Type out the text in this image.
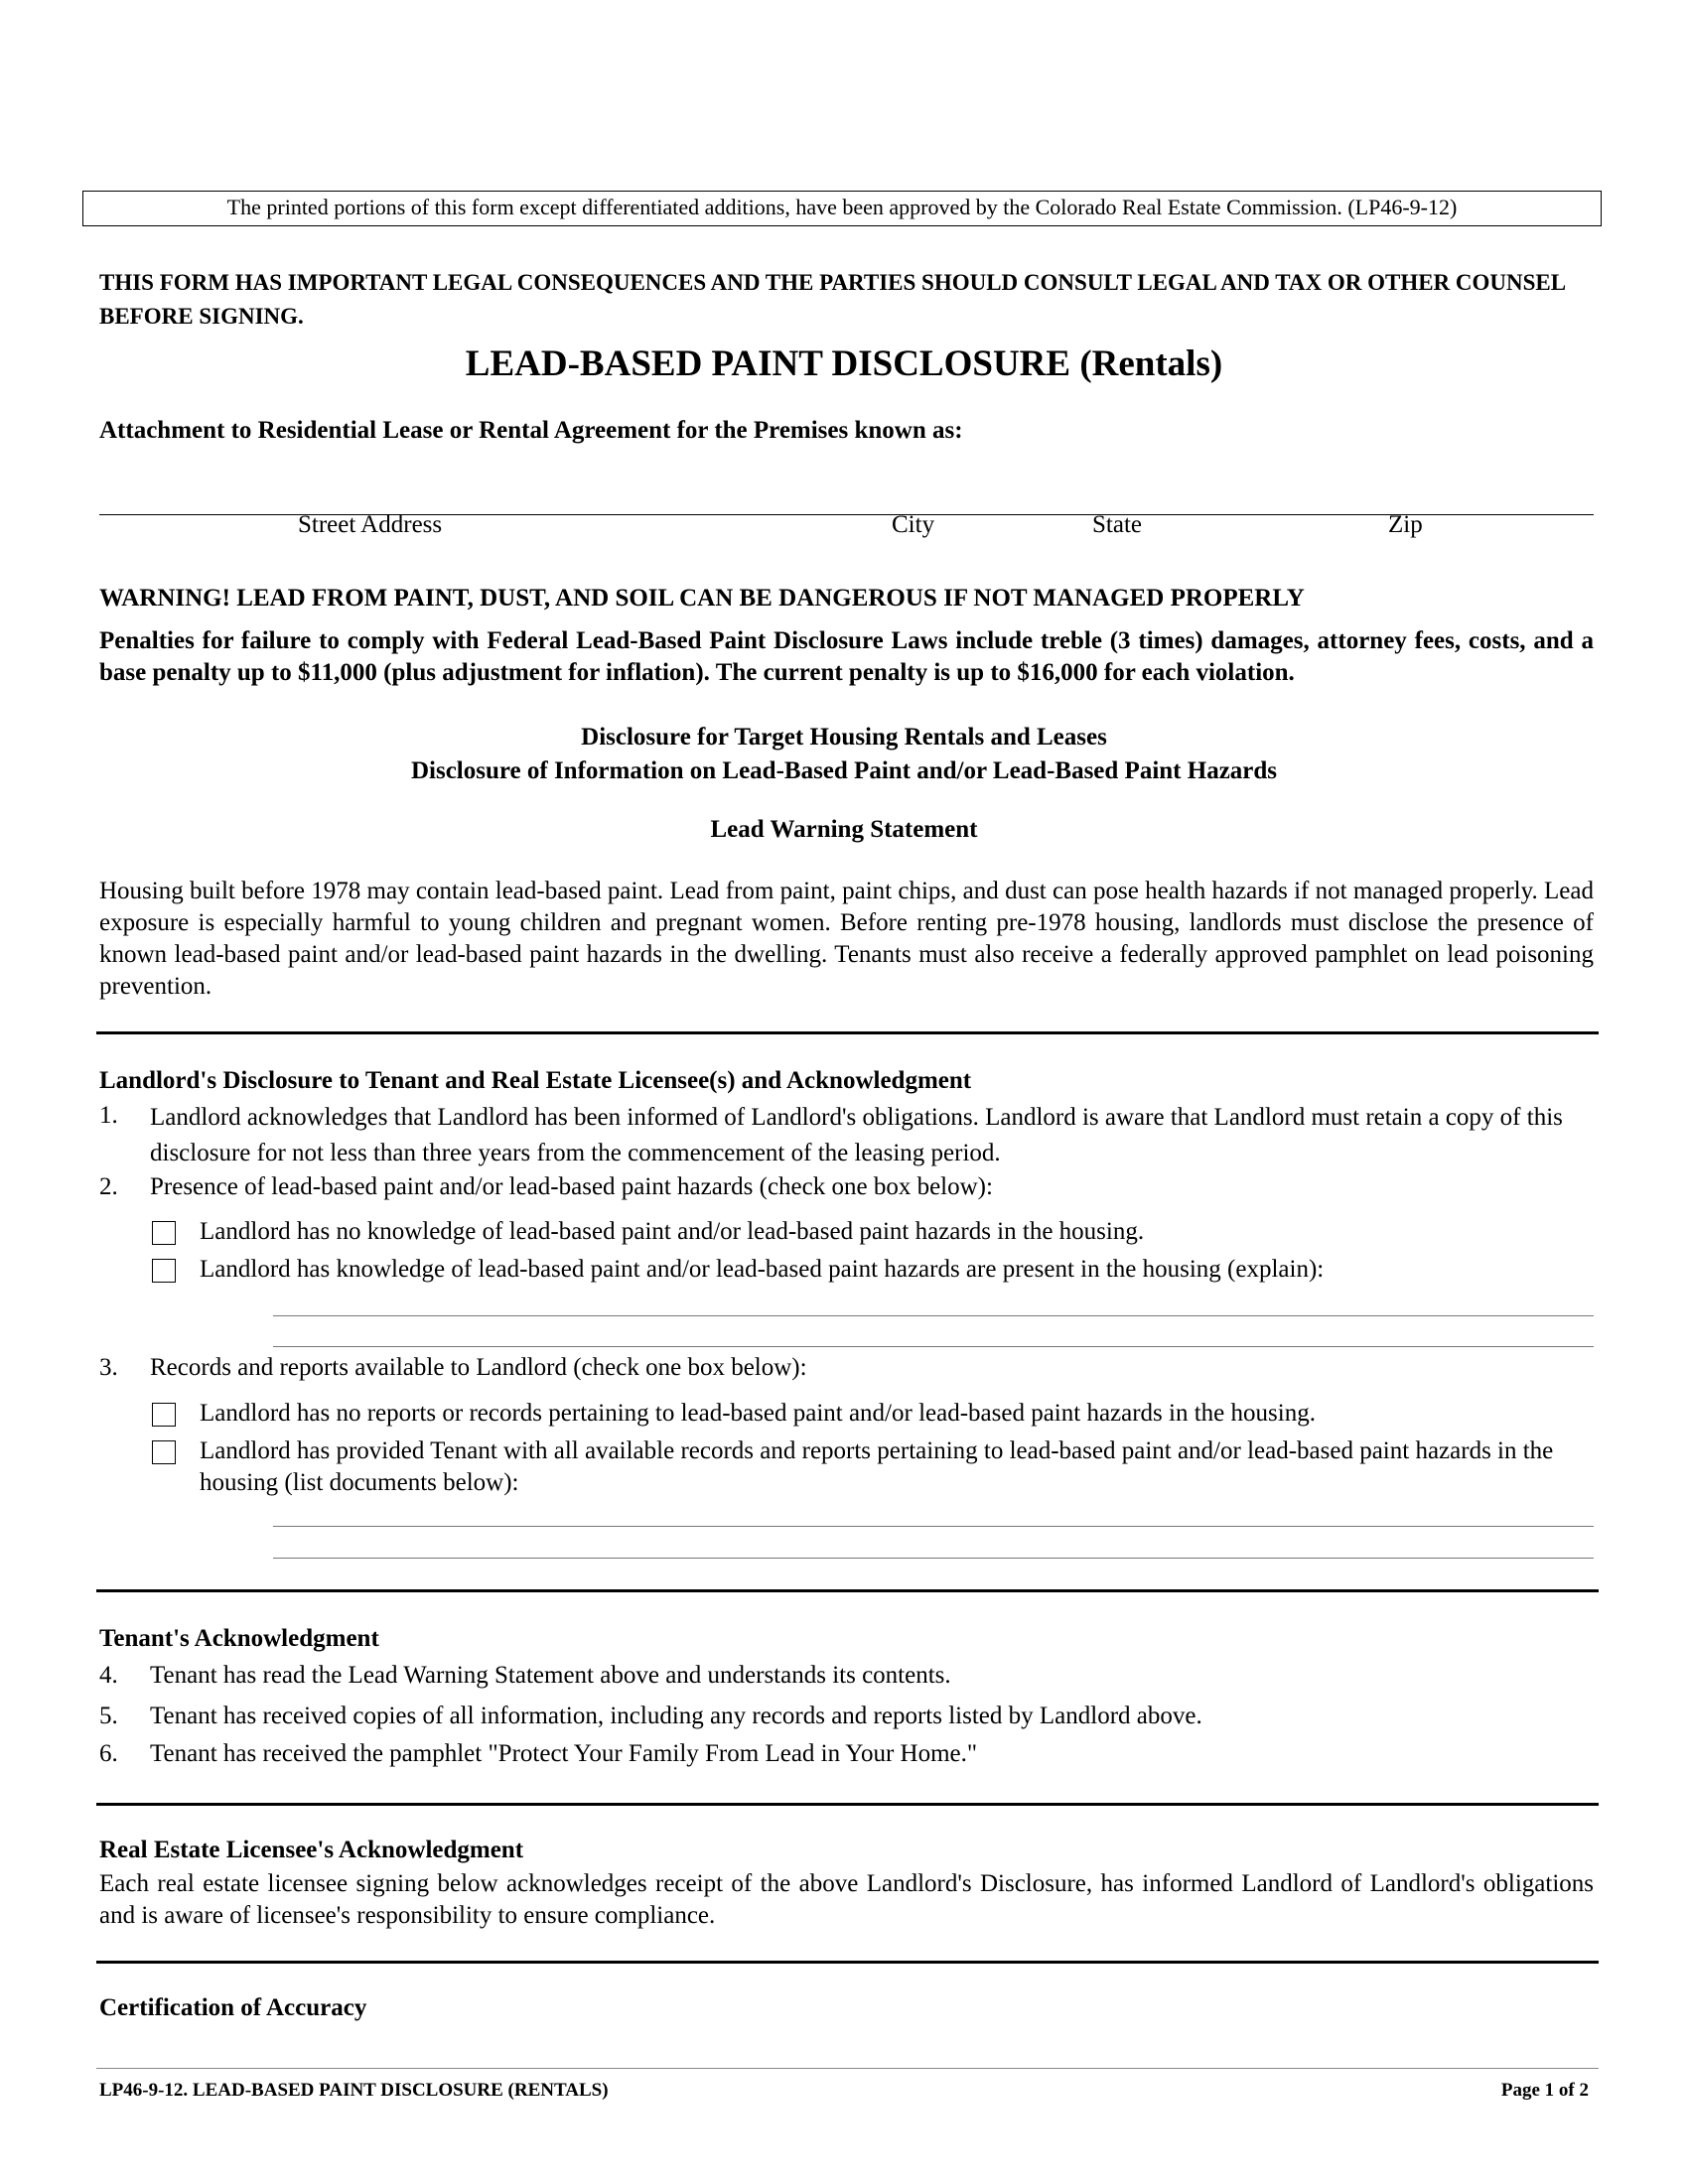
The printed portions of this form except differentiated additions, have been approved by the Colorado Real Estate Commission. (LP46-9-12)
THIS FORM HAS IMPORTANT LEGAL CONSEQUENCES AND THE PARTIES SHOULD CONSULT LEGAL AND TAX OR OTHER COUNSEL BEFORE SIGNING.
LEAD-BASED PAINT DISCLOSURE (Rentals)
Attachment to Residential Lease or Rental Agreement for the Premises known as:
Street Address	City	State	Zip
WARNING! LEAD FROM PAINT, DUST, AND SOIL CAN BE DANGEROUS IF NOT MANAGED PROPERLY
Penalties for failure to comply with Federal Lead-Based Paint Disclosure Laws include treble (3 times) damages, attorney fees, costs, and a base penalty up to $11,000 (plus adjustment for inflation). The current penalty is up to $16,000 for each violation.
Disclosure for Target Housing Rentals and Leases
Disclosure of Information on Lead-Based Paint and/or Lead-Based Paint Hazards
Lead Warning Statement
Housing built before 1978 may contain lead-based paint. Lead from paint, paint chips, and dust can pose health hazards if not managed properly. Lead exposure is especially harmful to young children and pregnant women. Before renting pre-1978 housing, landlords must disclose the presence of known lead-based paint and/or lead-based paint hazards in the dwelling. Tenants must also receive a federally approved pamphlet on lead poisoning prevention.
Landlord's Disclosure to Tenant and Real Estate Licensee(s) and Acknowledgment
1.	Landlord acknowledges that Landlord has been informed of Landlord's obligations. Landlord is aware that Landlord must retain a copy of this disclosure for not less than three years from the commencement of the leasing period.
2.	Presence of lead-based paint and/or lead-based paint hazards (check one box below):
Landlord has no knowledge of lead-based paint and/or lead-based paint hazards in the housing.
Landlord has knowledge of lead-based paint and/or lead-based paint hazards are present in the housing (explain):
3.	Records and reports available to Landlord (check one box below):
Landlord has no reports or records pertaining to lead-based paint and/or lead-based paint hazards in the housing.
Landlord has provided Tenant with all available records and reports pertaining to lead-based paint and/or lead-based paint hazards in the housing (list documents below):
Tenant's Acknowledgment
4.	Tenant has read the Lead Warning Statement above and understands its contents.
5.	Tenant has received copies of all information, including any records and reports listed by Landlord above.
6.	Tenant has received the pamphlet "Protect Your Family From Lead in Your Home."
Real Estate Licensee's Acknowledgment
Each real estate licensee signing below acknowledges receipt of the above Landlord's Disclosure, has informed Landlord of Landlord's obligations and is aware of licensee's responsibility to ensure compliance.
Certification of Accuracy
LP46-9-12. LEAD-BASED PAINT DISCLOSURE (RENTALS)	Page 1 of 2
